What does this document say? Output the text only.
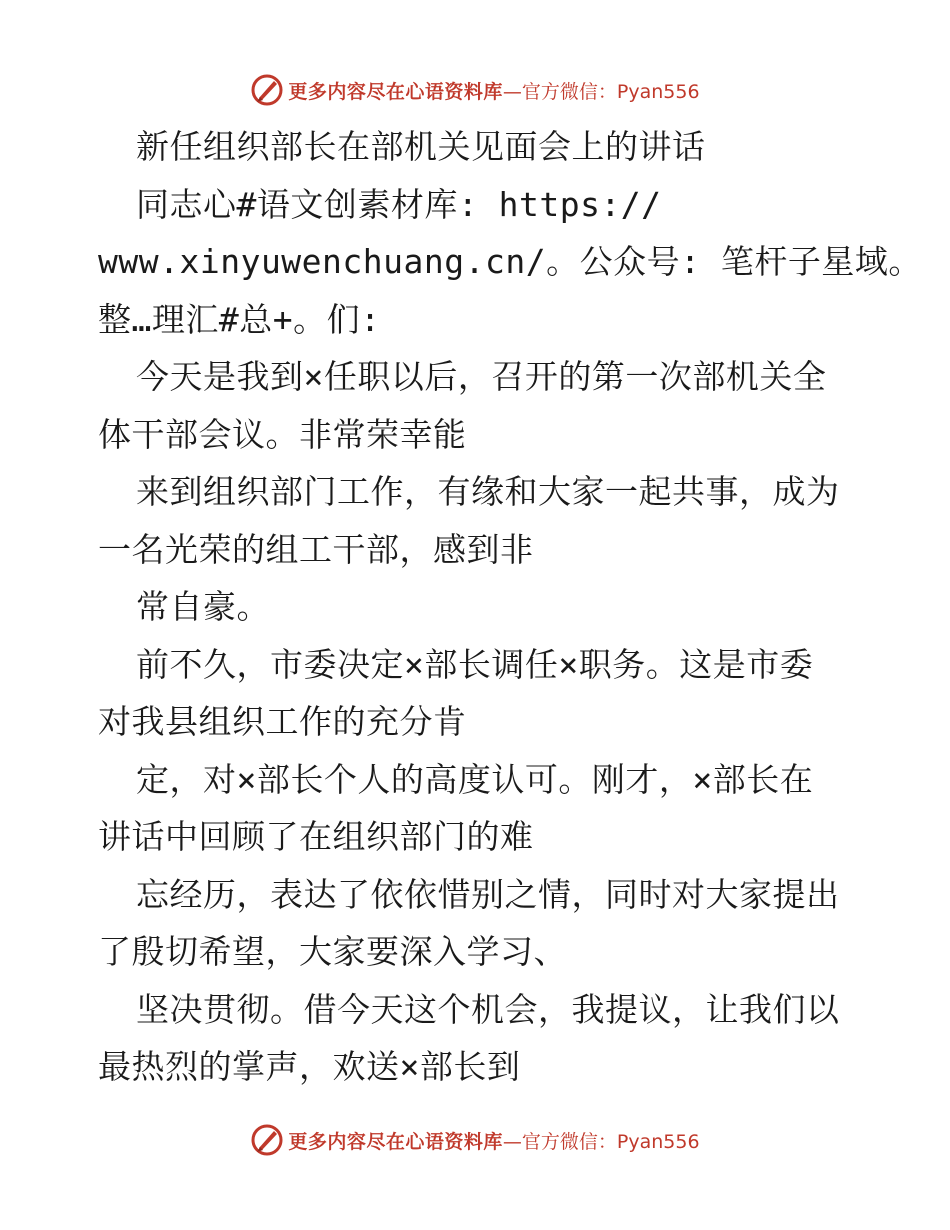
更多内容尽在心语资料库 —官方微信：Pyan556
新任组织部长在部机关见面会上的讲话
同志心#语文创素材库: https://
www.xinyuwenchuang.cn/。公众号: 笔杆子星域。
整…理汇#总+。们:
今天是我到×任职以后，召开的第一次部机关全
体干部会议。非常荣幸能
来到组织部门工作，有缘和大家一起共事，成为
一名光荣的组工干部，感到非
常自豪。
前不久，市委决定×部长调任×职务。这是市委
对我县组织工作的充分肯
定，对×部长个人的高度认可。刚才，×部长在
讲话中回顾了在组织部门的难
忘经历，表达了依依惜别之情，同时对大家提出
了殷切希望，大家要深入学习、
坚决贯彻。借今天这个机会，我提议，让我们以
最热烈的掌声，欢送×部长到
更多内容尽在心语资料库 —官方微信：Pyan556
